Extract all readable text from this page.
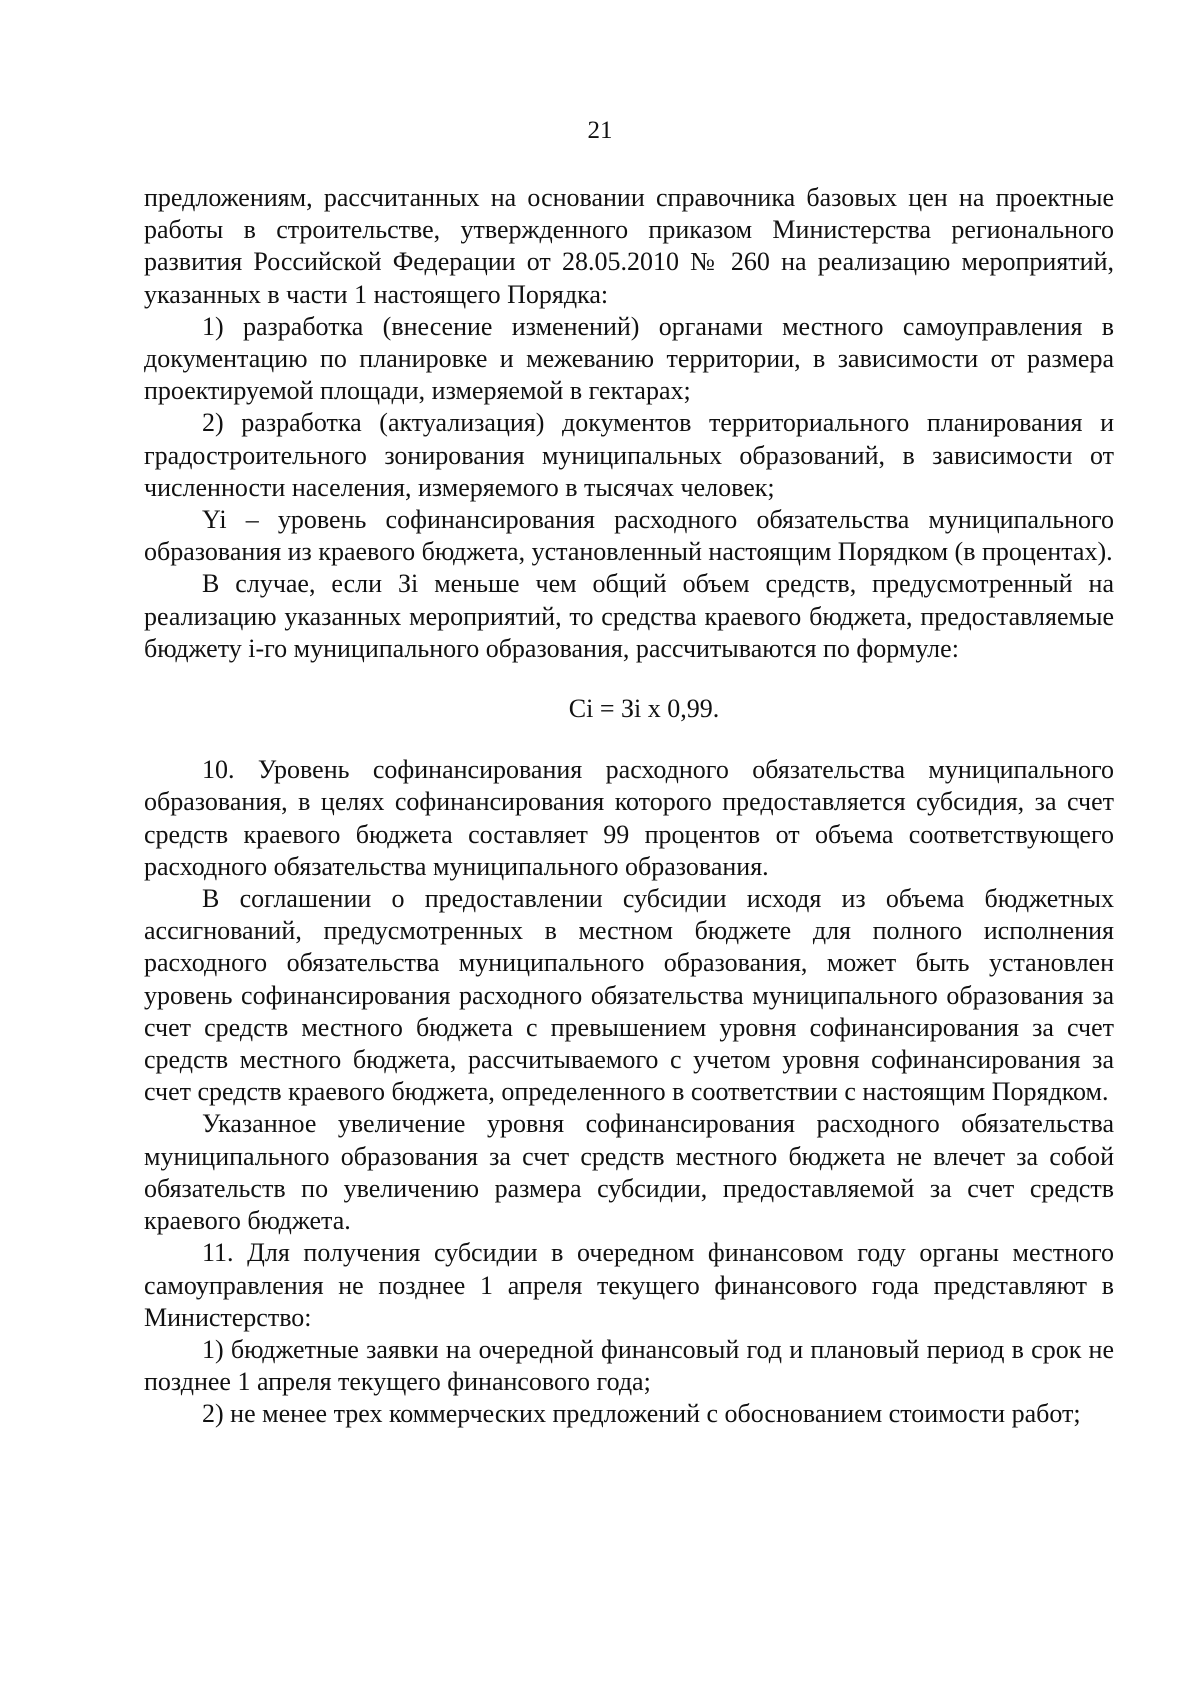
21

предложениям, рассчитанных на основании справочника базовых цен на проектные работы в строительстве, утвержденного приказом Министерства регионального развития Российской Федерации от 28.05.2010 № 260 на реализацию мероприятий, указанных в части 1 настоящего Порядка:

1) разработка (внесение изменений) органами местного самоуправления в документацию по планировке и межеванию территории, в зависимости от размера проектируемой площади, измеряемой в гектарах;

2) разработка (актуализация) документов территориального планирования и градостроительного зонирования муниципальных образований, в зависимости от численности населения, измеряемого в тысячах человек;

Yi – уровень софинансирования расходного обязательства муниципального образования из краевого бюджета, установленный настоящим Порядком (в процентах).

В случае, если Зi меньше чем общий объем средств, предусмотренный на реализацию указанных мероприятий, то средства краевого бюджета, предоставляемые бюджету i-го муниципального образования, рассчитываются по формуле:

Ci = Зi x 0,99.

10. Уровень софинансирования расходного обязательства муниципального образования, в целях софинансирования которого предоставляется субсидия, за счет средств краевого бюджета составляет 99 процентов от объема соответствующего расходного обязательства муниципального образования.

В соглашении о предоставлении субсидии исходя из объема бюджетных ассигнований, предусмотренных в местном бюджете для полного исполнения расходного обязательства муниципального образования, может быть установлен уровень софинансирования расходного обязательства муниципального образования за счет средств местного бюджета с превышением уровня софинансирования за счет средств местного бюджета, рассчитываемого с учетом уровня софинансирования за счет средств краевого бюджета, определенного в соответствии с настоящим Порядком.

Указанное увеличение уровня софинансирования расходного обязательства муниципального образования за счет средств местного бюджета не влечет за собой обязательств по увеличению размера субсидии, предоставляемой за счет средств краевого бюджета.

11. Для получения субсидии в очередном финансовом году органы местного самоуправления не позднее 1 апреля текущего финансового года представляют в Министерство:

1) бюджетные заявки на очередной финансовый год и плановый период в срок не позднее 1 апреля текущего финансового года;

2) не менее трех коммерческих предложений с обоснованием стоимости работ;
